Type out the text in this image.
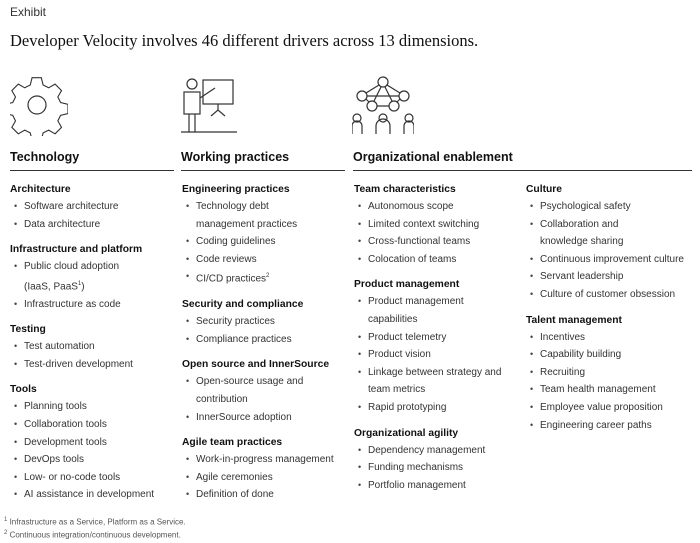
Exhibit
Developer Velocity involves 46 different drivers across 13 dimensions.
Technology	Working practices	Organizational enablement
Architecture
• Software architecture
• Data architecture
Infrastructure and platform
• Public cloud adoption
(IaaS, PaaS$^1$)
• Infrastructure as code
Testing
• Test automation
• Test-driven development
Tools
• Planning tools
• Collaboration tools
• Development tools
• DevOps tools
• Low- or no-code tools
• AI assistance in development
Engineering practices
• Technology debt
management practices
• Coding guidelines
• Code reviews
• CI/CD practices$^2$
Security and compliance
• Security practices
• Compliance practices
Open source and InnerSource
• Open-source usage and
contribution
• InnerSource adoption
Agile team practices
• Work-in-progress management
• Agile ceremonies
• Definition of done
Team characteristics
• Autonomous scope
• Limited context switching
• Cross-functional teams
• Colocation of teams
Product management
• Product management
capabilities
• Product telemetry
• Product vision
• Linkage between strategy and
team metrics
• Rapid prototyping
Organizational agility
• Dependency management
• Funding mechanisms
• Portfolio management
Culture
• Psychological safety
• Collaboration and
knowledge sharing
• Continuous improvement culture
• Servant leadership
• Culture of customer obsession
Talent management
• Incentives
• Capability building
• Recruiting
• Team health management
• Employee value proposition
• Engineering career paths
$^1$ Infrastructure as a Service, Platform as a Service.
$^2$ Continuous integration/continuous development.
